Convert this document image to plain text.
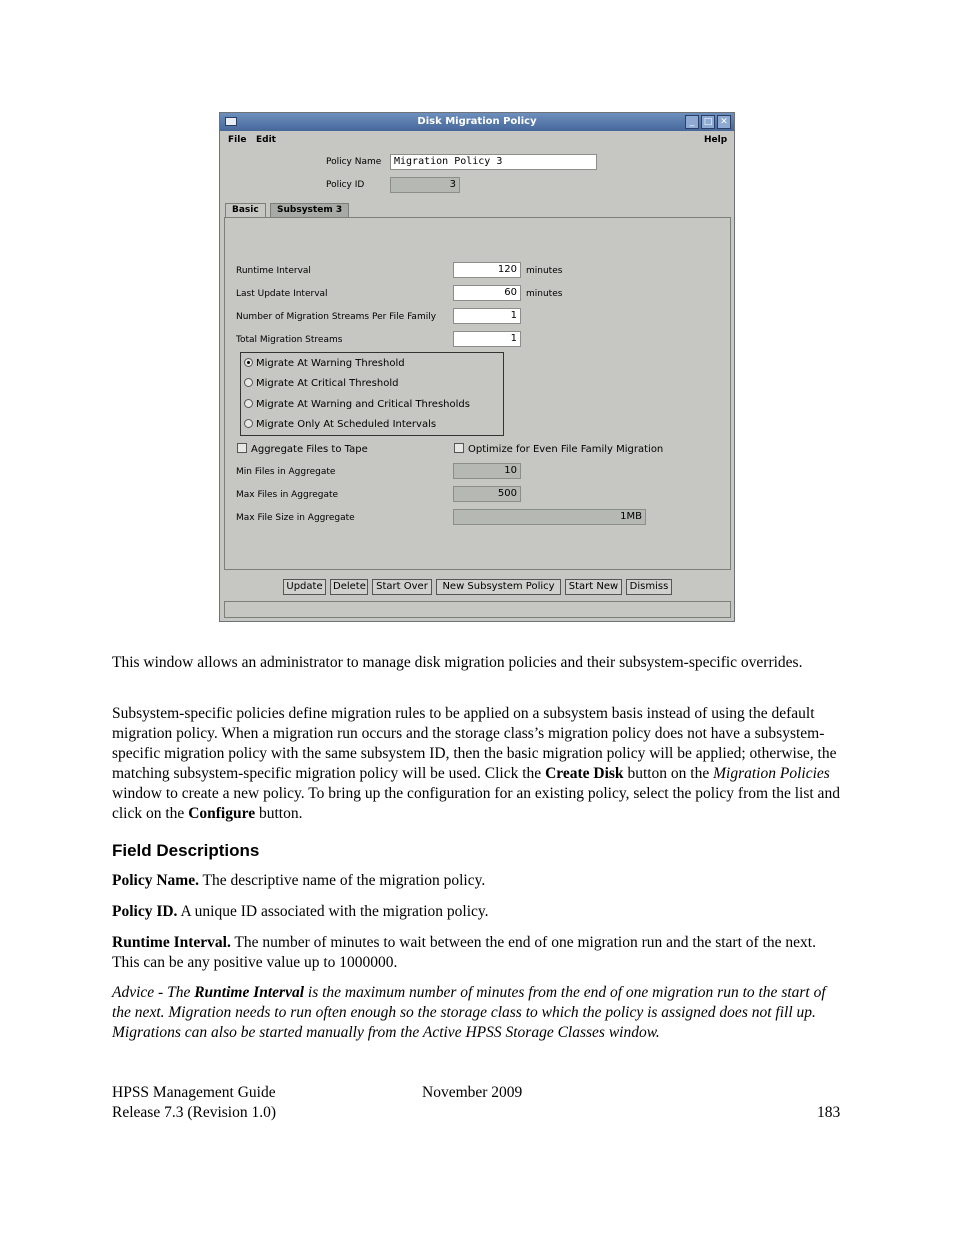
Disk Migration Policy	_	□ ✕
File Edit	Help
Policy Name	Migration Policy 3
Policy ID	3
Basic	Subsystem 3
Runtime Interval	120	minutes
Last Update Interval	60	minutes
Number of Migration Streams Per File Family	1
Total Migration Streams	1
Migrate At Warning Threshold
Migrate At Critical Threshold
Migrate At Warning and Critical Thresholds
Migrate Only At Scheduled Intervals
Aggregate Files to Tape	Optimize for Even File Family Migration
Min Files in Aggregate	10
Max Files in Aggregate	500
Max File Size in Aggregate	1MB
Update	Delete	Start Over	New Subsystem Policy	Start New	Dismiss
This window allows an administrator to manage disk migration policies and their subsystem-specific overrides.
Subsystem-specific policies define migration rules to be applied on a subsystem basis instead of using the default migration policy. When a migration run occurs and the storage class’s migration policy does not have a subsystem-specific migration policy with the same subsystem ID, then the basic migration policy will be applied; otherwise, the matching subsystem-specific migration policy will be used. Click the Create Disk button on the Migration Policies window to create a new policy. To bring up the configuration for an existing policy, select the policy from the list and click on the Configure button.
Field Descriptions
Policy Name. The descriptive name of the migration policy.
Policy ID. A unique ID associated with the migration policy.
Runtime Interval. The number of minutes to wait between the end of one migration run and the start of the next. This can be any positive value up to 1000000.
Advice - The Runtime Interval is the maximum number of minutes from the end of one migration run to the start of the next. Migration needs to run often enough so the storage class to which the policy is assigned does not fill up. Migrations can also be started manually from the Active HPSS Storage Classes window.
HPSS Management Guide
Release 7.3 (Revision 1.0)
November 2009
183
